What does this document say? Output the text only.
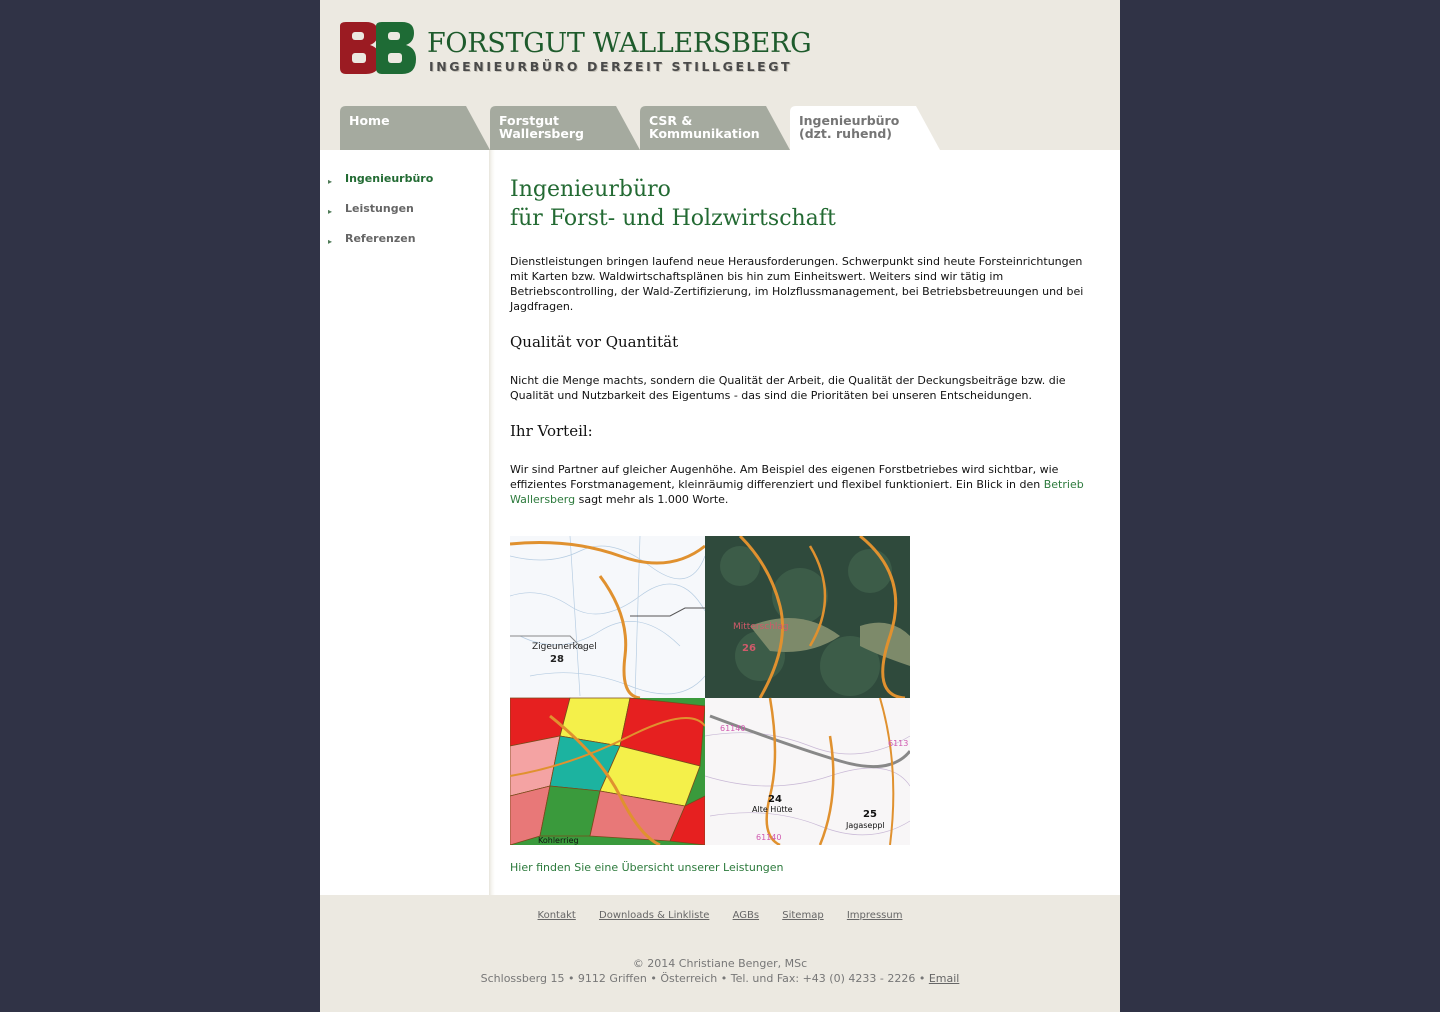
FORSTGUT WALLERSBERG
INGENIEURBÜRO DERZEIT STILLGELEGT
Home	Forstgut
Wallersberg
CSR &
Kommunikation
Ingenieurbüro
(dzt. ruhend)
▸ Ingenieurbüro
▸ Leistungen
▸ Referenzen
Ingenieurbüro
für Forst- und Holzwirtschaft

Dienstleistungen bringen laufend neue Herausforderungen. Schwerpunkt sind heute Forsteinrichtungen mit Karten bzw. Waldwirtschaftsplänen bis hin zum Einheitswert. Weiters sind wir tätig im Betriebscontrolling, der Wald-Zertifizierung, im Holzflussmanagement, bei Betriebsbetreuungen und bei Jagdfragen.

Qualität vor Quantität

Nicht die Menge machts, sondern die Qualität der Arbeit, die Qualität der Deckungsbeiträge bzw. die Qualität und Nutzbarkeit des Eigentums - das sind die Prioritäten bei unseren Entscheidungen.

Ihr Vorteil:

Wir sind Partner auf gleicher Augenhöhe. Am Beispiel des eigenen Forstbetriebes wird sichtbar, wie effizientes Forstmanagement, kleinräumig differenziert und flexibel funktioniert. Ein Blick in den Betrieb Wallersberg sagt mehr als 1.000 Worte.

Zigeunerkogel
28
Mitterschlag
26
Kohlerrieg
61140
6113
24
Alte Hütte	25
Jagaseppl
61140
Hier finden Sie eine Übersicht unserer Leistungen
Kontakt Downloads & Linkliste AGBs Sitemap Impressum
© 2014 Christiane Benger, MSc
Schlossberg 15 • 9112 Griffen • Österreich • Tel. und Fax: +43 (0) 4233 - 2226 • Email
